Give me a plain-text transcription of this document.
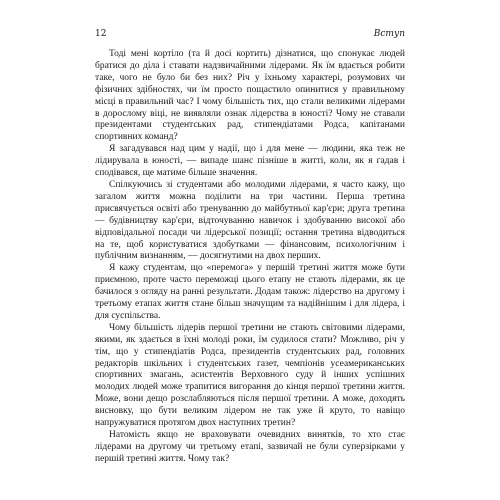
12	Вступ

Тоді мені кортіло (та й досі кортить) дізнатися, що спонукає людей братися до діла і ставати надзвичайними лідерами. Як їм вдається робити таке, чого не було би без них? Річ у їхньому характері, розумових чи фізичних здібностях, чи їм просто пощастило опинитися у правильному місці в правильний час? І чому більшість тих, що стали великими лідерами в дорослому віці, не виявляли ознак лідерства в юності? Чому не ставали президентами студентських рад, стипендіатами Родса, капітанами спортивних команд?

Я загадувався над цим у надії, що і для мене — людини, яка теж не лідирувала в юності, — випаде шанс пізніше в житті, коли, як я гадав і сподівався, ще матиме більше значення.

Спілкуючись зі студентами або молодими лідерами, я часто кажу, що загалом життя можна поділити на три частини. Перша третина присвячується освіті або тренуванню до майбутньої кар'єри; друга третина — будівництву кар'єри, відточуванню навичок і здобуванню високої або відповідальної посади чи лідерської позиції; остання третина відводиться на те, щоб користуватися здобутками — фінансовим, психологічним і публічним визнанням, — досягнутими на двох перших.

Я кажу студентам, що «перемога» у першій третині життя може бути приємною, проте часто переможці цього етапу не стають лідерами, як це бачилося з огляду на ранні результати. Додам також: лідерство на другому і третьому етапах життя стане більш значущим та надійнішим і для лідера, і для суспільства.

Чому більшість лідерів першої третини не стають світовими лідерами, якими, як здається в їхні молоді роки, їм судилося стати? Можливо, річ у тім, що у стипендіатів Родса, президентів студентських рад, головних редакторів шкільних і студентських газет, чемпіонів усеамериканських спортивних змагань, асистентів Верховного суду й інших успішних молодих людей може трапитися вигорання до кінця першої третини життя. Може, вони дещо розслабляються після першої третини. А може, доходять висновку, що бути великим лідером не так уже й круто, то навіщо напружуватися протягом двох наступних третин?

Натомість якщо не враховувати очевидних винятків, то хто стає лідерами на другому чи третьому етапі, зазвичай не були суперзірками у першій третині життя. Чому так?
